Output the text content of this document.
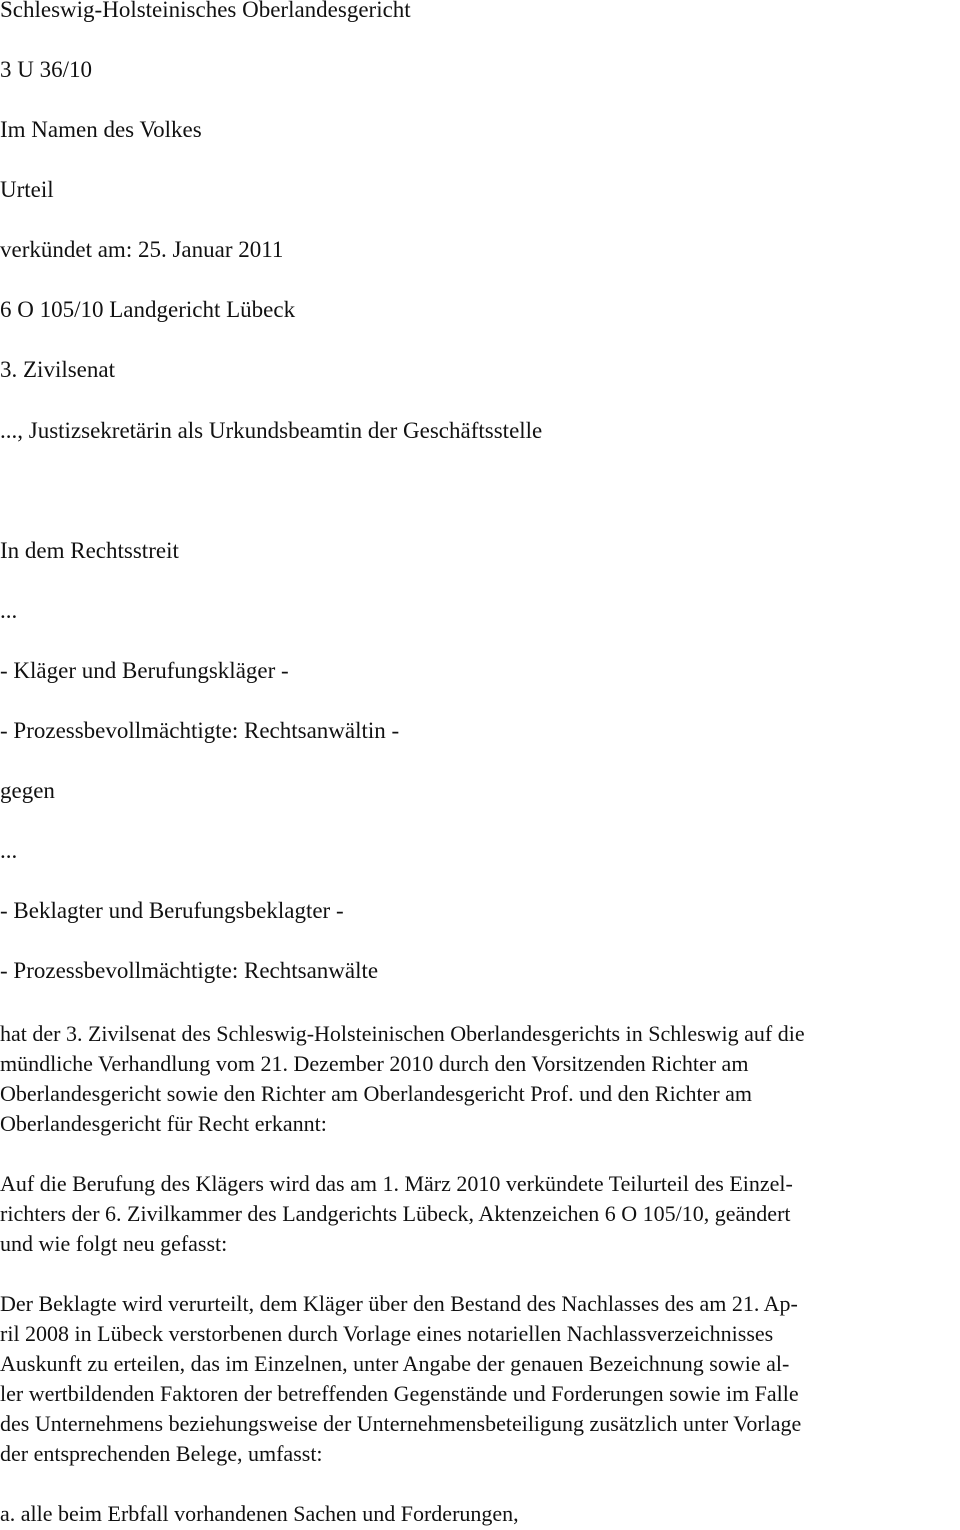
Schleswig-Holsteinisches Oberlandesgericht

3 U 36/10

Im Namen des Volkes

Urteil

verkündet am: 25. Januar 2011

6 O 105/10 Landgericht Lübeck

3. Zivilsenat

..., Justizsekretärin als Urkundsbeamtin der Geschäftsstelle

In dem Rechtsstreit

...

- Kläger und Berufungskläger -

- Prozessbevollmächtigte: Rechtsanwältin -

gegen

...

- Beklagter und Berufungsbeklagter -

- Prozessbevollmächtigte: Rechtsanwälte

hat der 3. Zivilsenat des Schleswig-Holsteinischen Oberlandesgerichts in Schleswig auf die
mündliche Verhandlung vom 21. Dezember 2010 durch den Vorsitzenden Richter am
Oberlandesgericht sowie den Richter am Oberlandesgericht Prof. und den Richter am
Oberlandesgericht für Recht erkannt:
Auf die Berufung des Klägers wird das am 1. März 2010 verkündete Teilurteil des Einzel-
richters der 6. Zivilkammer des Landgerichts Lübeck, Aktenzeichen 6 O 105/10, geändert
und wie folgt neu gefasst:
Der Beklagte wird verurteilt, dem Kläger über den Bestand des Nachlasses des am 21. Ap-
ril 2008 in Lübeck verstorbenen durch Vorlage eines notariellen Nachlassverzeichnisses
Auskunft zu erteilen, das im Einzelnen, unter Angabe der genauen Bezeichnung sowie al-
ler wertbildenden Faktoren der betreffenden Gegenstände und Forderungen sowie im Falle
des Unternehmens beziehungsweise der Unternehmensbeteiligung zusätzlich unter Vorlage
der entsprechenden Belege, umfasst:

a. alle beim Erbfall vorhandenen Sachen und Forderungen,
